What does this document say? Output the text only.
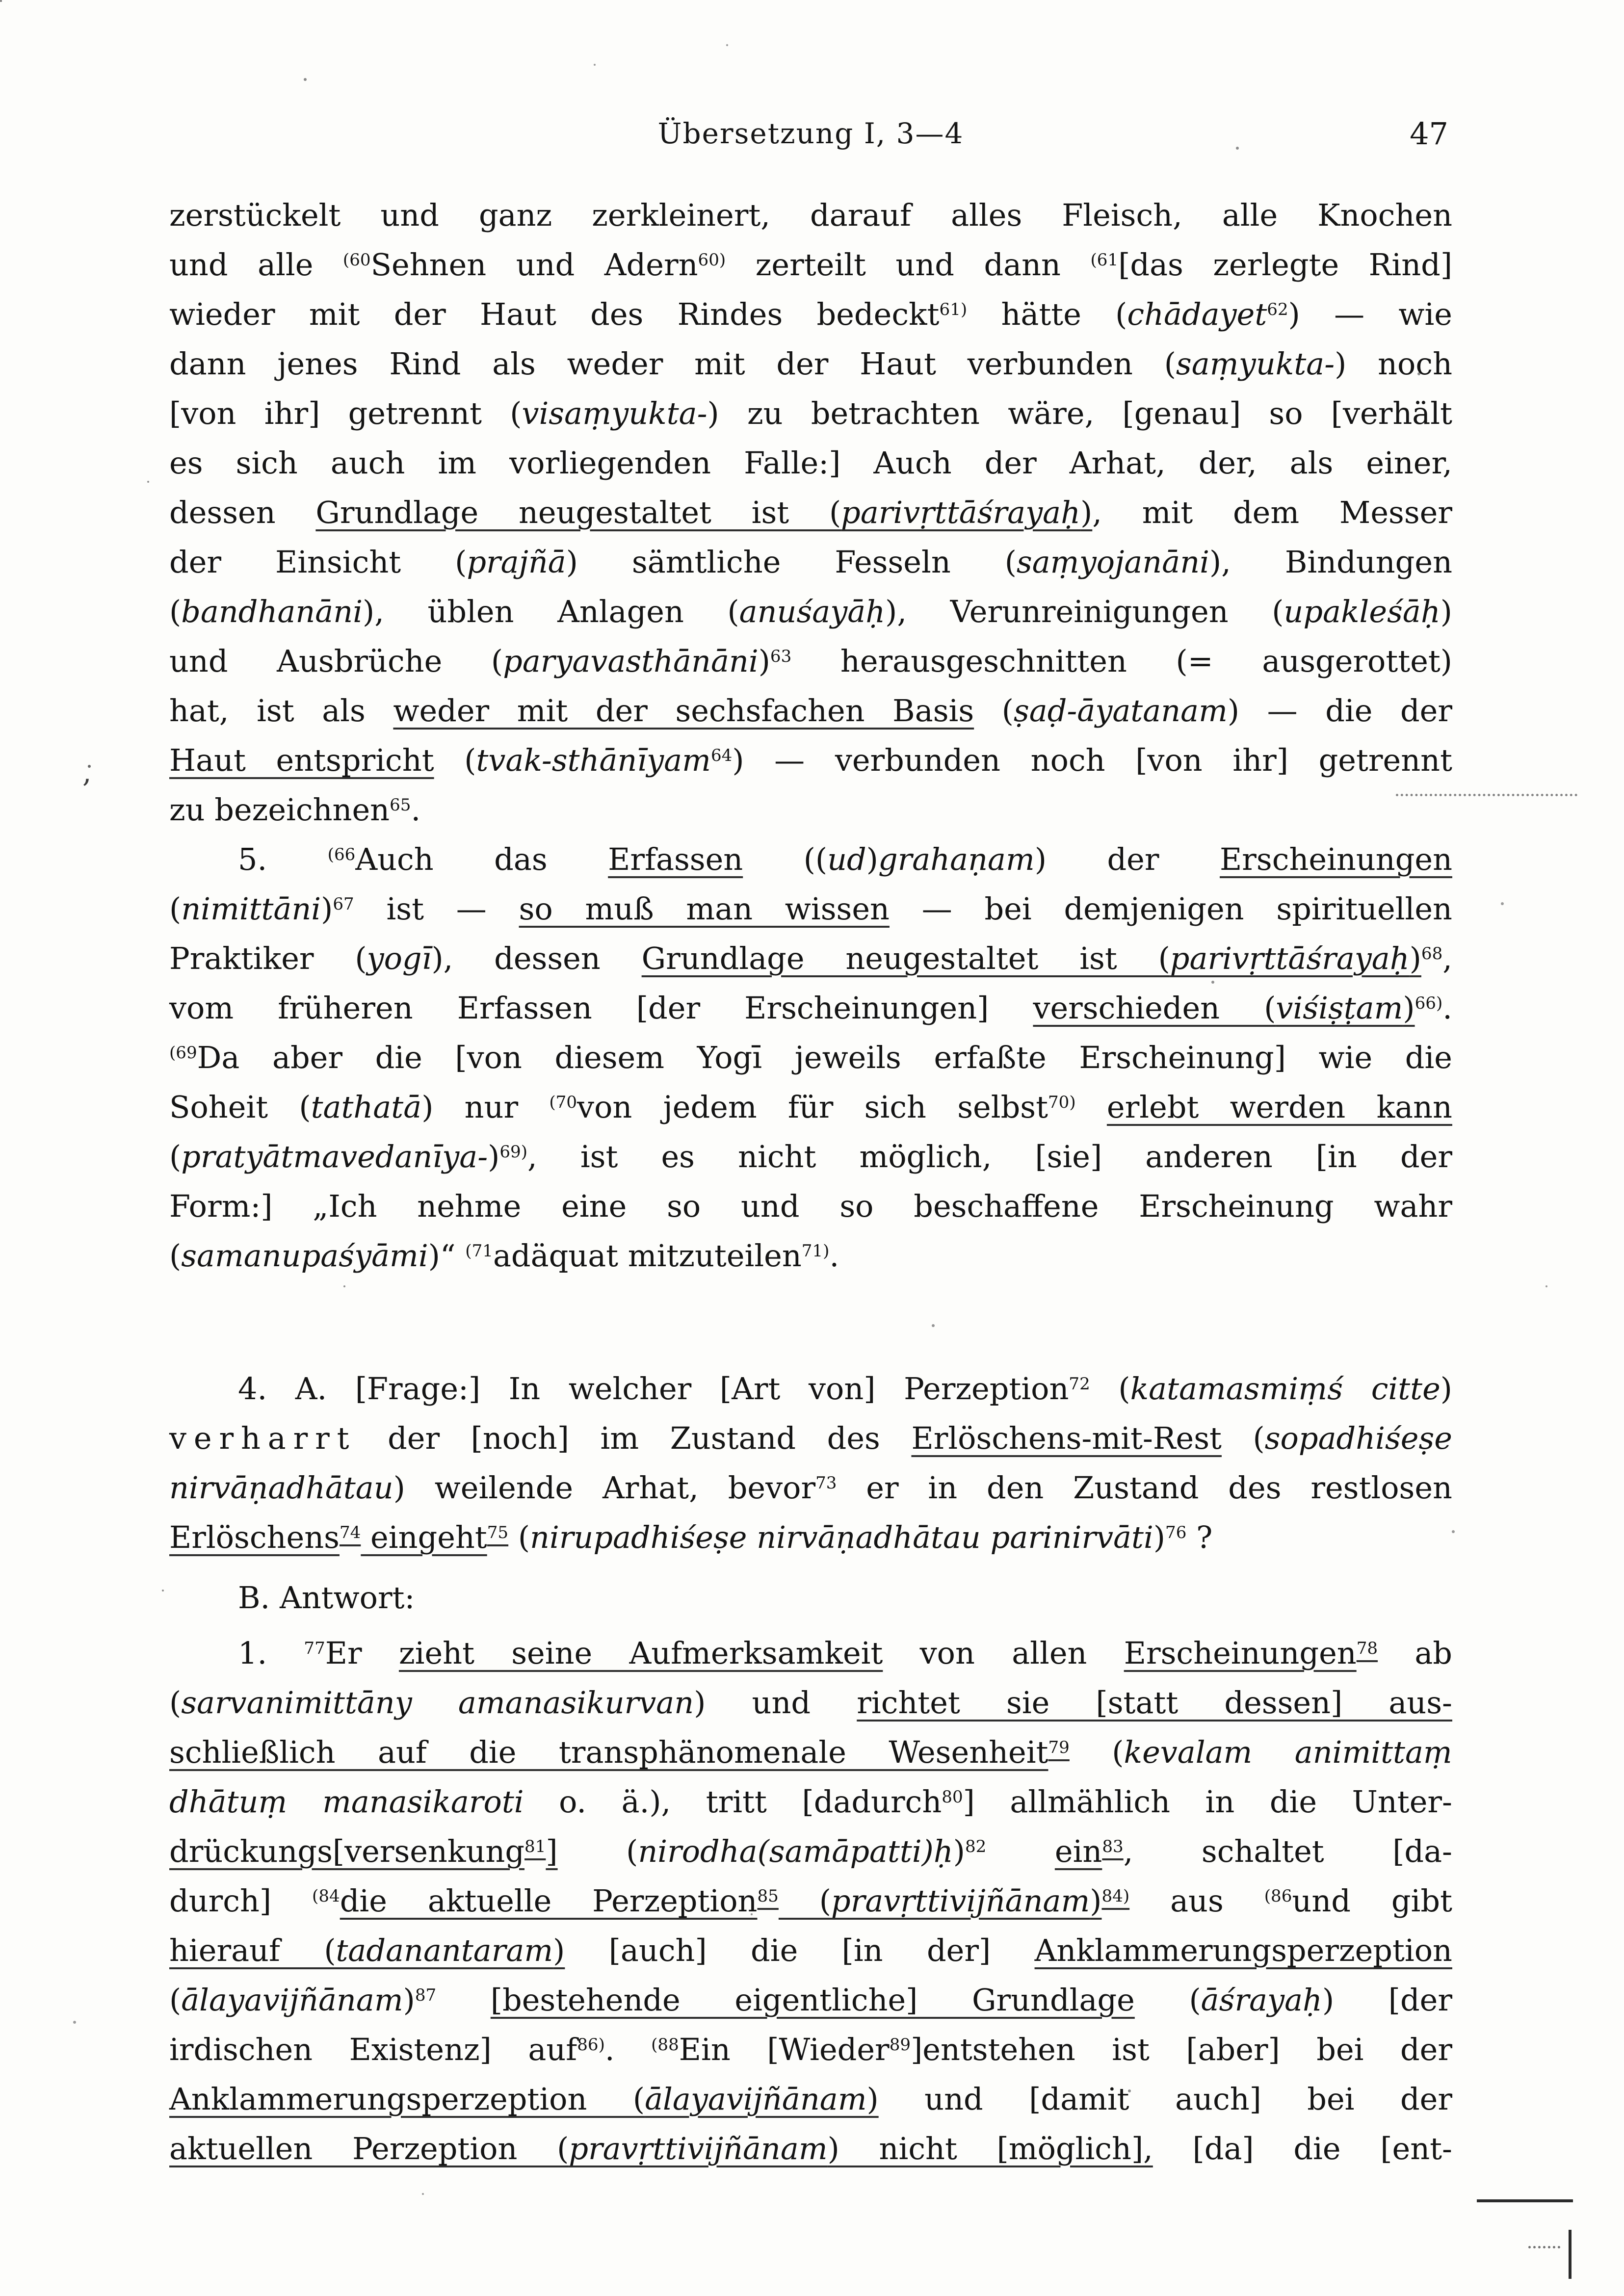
Übersetzung I, 3—4	47
zerstückelt und ganz zerkleinert, darauf alles Fleisch, alle Knochen
und alle $^{(60}$Sehnen und Adern$^{60)}$ zerteilt und dann $^{(61}$[das zerlegte Rind]
wieder mit der Haut des Rindes bedeckt$^{61)}$ hätte (chādayet$^{62}$) — wie
dann jenes Rind als weder mit der Haut verbunden (saṃyukta-) noch
[von ihr] getrennt (visaṃyukta-) zu betrachten wäre, [genau] so [verhält
es sich auch im vorliegenden Falle:] Auch der Arhat, der, als einer,
dessen Grundlage neugestaltet ist (parivṛttāśrayaḥ), mit dem Messer
der Einsicht (prajñā) sämtliche Fesseln (saṃyojanāni), Bindungen
(bandhanāni), üblen Anlagen (anuśayāḥ), Verunreinigungen (upakleśāḥ)
und Ausbrüche (paryavasthānāni)$^{63}$ herausgeschnitten (= ausgerottet)
hat, ist als weder mit der sechsfachen Basis (ṣaḍ-āyatanam) — die der
Haut entspricht (tvak-sthānīyam$^{64}$) — verbunden noch [von ihr] getrennt
zu bezeichnen$^{65}$.
5. $^{(66}$Auch das Erfassen ((ud)grahaṇam) der Erscheinungen
(nimittāni)$^{67}$ ist — so muß man wissen — bei demjenigen spirituellen
Praktiker (yogī), dessen Grundlage neugestaltet ist (parivṛttāśrayaḥ)$^{68}$,
vom früheren Erfassen [der Erscheinungen] verschieden (viśiṣṭam)$^{66)}$.
$^{(69}$Da aber die [von diesem Yogī jeweils erfaßte Erscheinung] wie die
Soheit (tathatā) nur $^{(70}$von jedem für sich selbst$^{70)}$ erlebt werden kann
(pratyātmavedanīya-)$^{69)}$, ist es nicht möglich, [sie] anderen [in der
Form:] „Ich nehme eine so und so beschaffene Erscheinung wahr
(samanupaśyāmi)“ $^{(71}$adäquat mitzuteilen$^{71)}$.
4. A. [Frage:] In welcher [Art von] Perzeption$^{72}$ (katamasmiṃś citte)
verharrt der [noch] im Zustand des Erlöschens-mit-Rest (sopadhiśeṣe
nirvāṇadhātau) weilende Arhat, bevor$^{73}$ er in den Zustand des restlosen
Erlöschens$^{74}$ eingeht$^{75}$ (nirupadhiśeṣe nirvāṇadhātau parinirvāti)$^{76}$ ?
B. Antwort:
1. $^{77}$Er zieht seine Aufmerksamkeit von allen Erscheinungen$^{78}$ ab
(sarvanimittāny amanasikurvan) und richtet sie [statt dessen] aus-
schließlich auf die transphänomenale Wesenheit$^{79}$ (kevalam animittaṃ
dhātuṃ manasikaroti o. ä.), tritt [dadurch$^{80}$] allmählich in die Unter-
drückungs[versenkung$^{81}$] (nirodha(samāpatti)ḥ)$^{82}$ ein$^{83}$, schaltet [da-
durch] $^{(84}$die aktuelle Perzeption$^{85}$ (pravṛttivijñānam)$^{84)}$ aus $^{(86}$und gibt
hierauf (tadanantaram) [auch] die [in der] Anklammerungsperzeption
(ālayavijñānam)$^{87}$ [bestehende eigentliche] Grundlage (āśrayaḥ) [der
irdischen Existenz] auf$^{86)}$. $^{(88}$Ein [Wieder$^{89}$]entstehen ist [aber] bei der
Anklammerungsperzeption (ālayavijñānam) und [damit auch] bei der
aktuellen Perzeption (pravṛttivijñānam) nicht [möglich], [da] die [ent-
,
